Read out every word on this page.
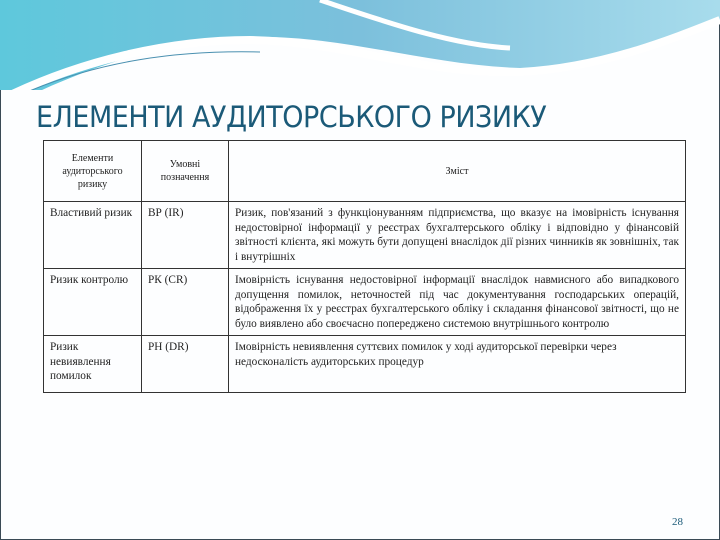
ЕЛЕМЕНТИ АУДИТОРСЬКОГО РИЗИКУ
Елементи аудиторського ризику	Умовні позначення	Зміст
Властивий ризик	ВР (IR)	Ризик, пов'язаний з функціонуванням підприємства, що вказує на імовірність існування недостовірної інформації у реєстрах бухгалтерського обліку і відповідно у фінансовій звітності клієнта, які можуть бути допущені внаслідок дії різних чинників як зовнішніх, так і внутрішніх
Ризик контролю	РК (CR)	Імовірність існування недостовірної інформації внаслідок навмисного або випадкового допущення помилок, неточностей під час документування господарських операцій, відображення їх у реєстрах бухгалтерського обліку і складання фінансової звітності, що не було виявлено або своєчасно попереджено системою внутрішнього контролю
Ризик невиявлення помилок	РН (DR)	Імовірність невиявлення суттєвих помилок у ході аудиторської перевірки через недосконалість аудиторських процедур
28
